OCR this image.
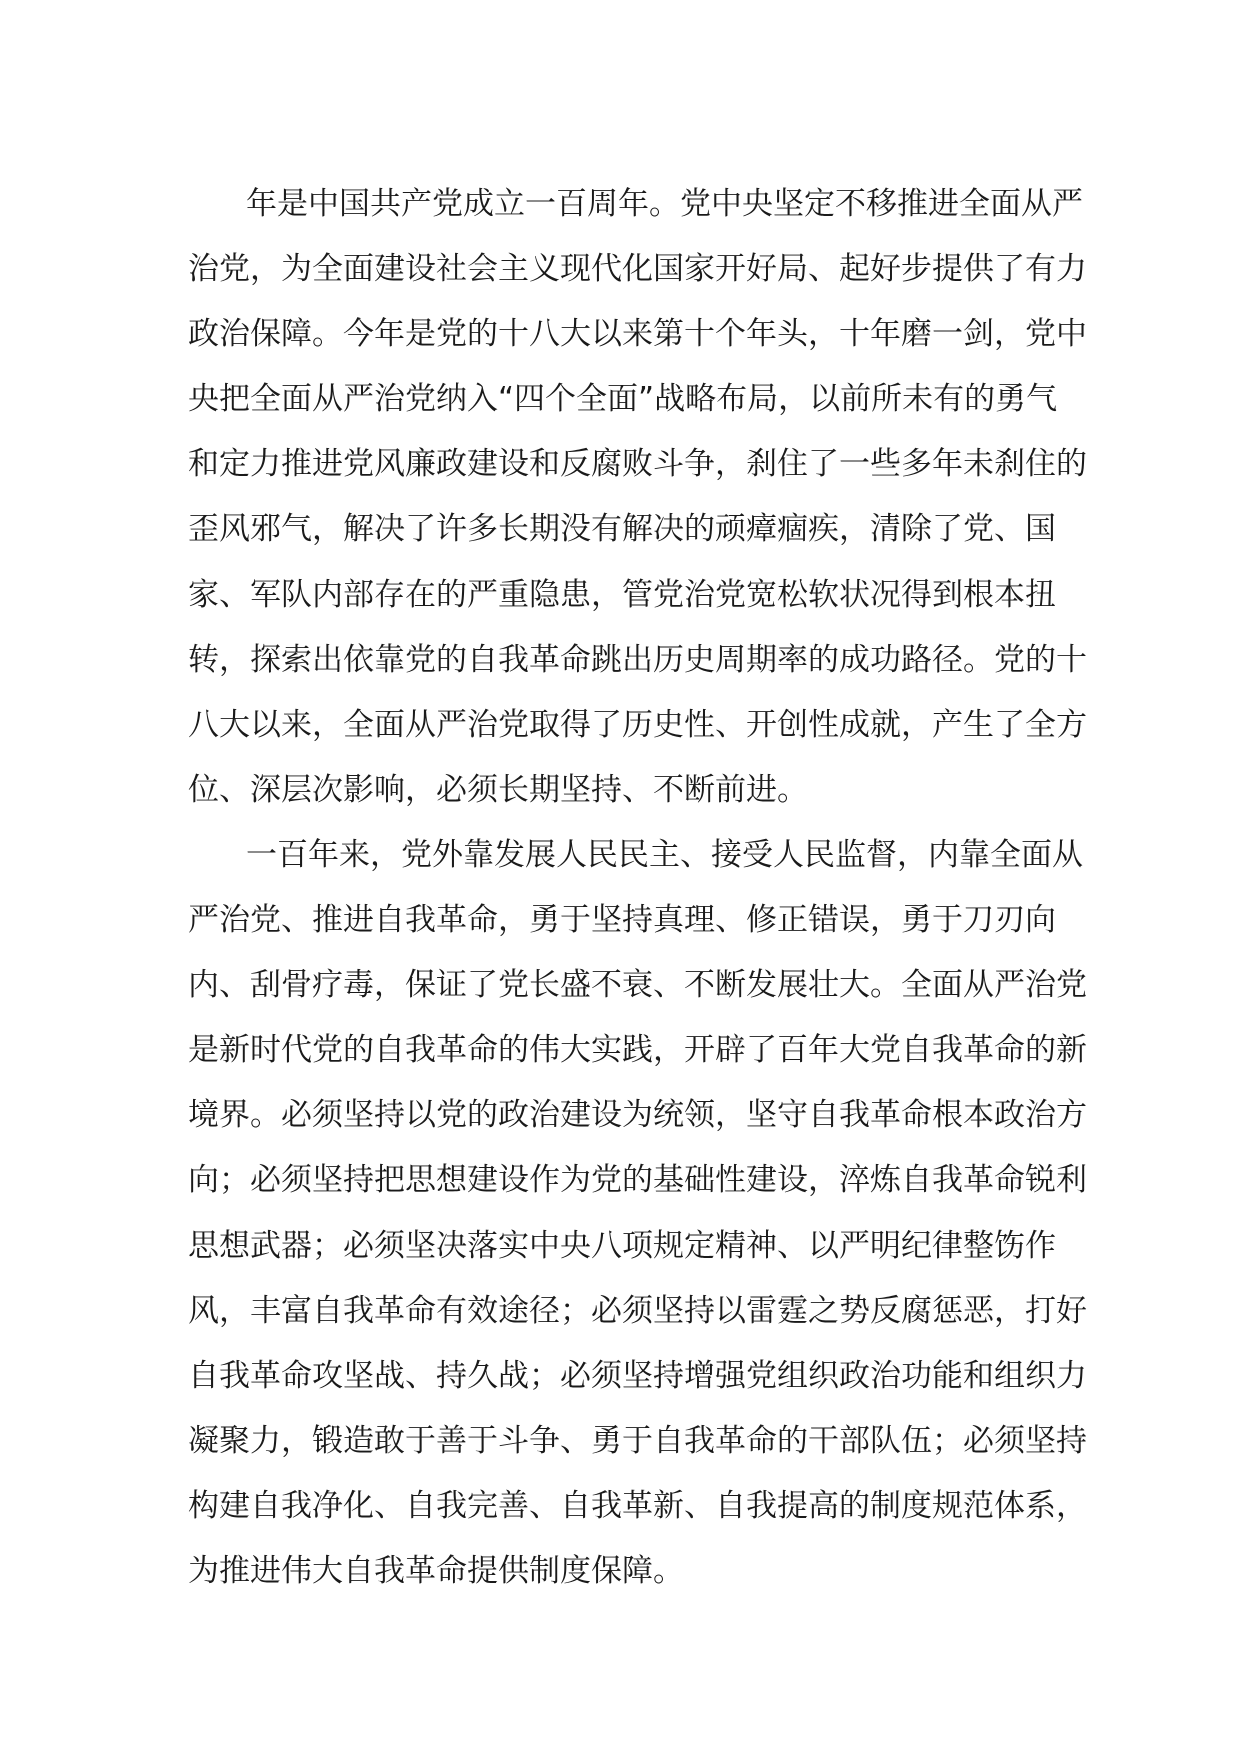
年是中国共产党成立一百周年。党中央坚定不移推进全面从严
治党，为全面建设社会主义现代化国家开好局、起好步提供了有力
政治保障。今年是党的十八大以来第十个年头，十年磨一剑，党中
央把全面从严治党纳入“四个全面”战略布局，以前所未有的勇气
和定力推进党风廉政建设和反腐败斗争，刹住了一些多年未刹住的
歪风邪气，解决了许多长期没有解决的顽瘴痼疾，清除了党、国
家、军队内部存在的严重隐患，管党治党宽松软状况得到根本扭
转，探索出依靠党的自我革命跳出历史周期率的成功路径。党的十
八大以来，全面从严治党取得了历史性、开创性成就，产生了全方
位、深层次影响，必须长期坚持、不断前进。
一百年来，党外靠发展人民民主、接受人民监督，内靠全面从
严治党、推进自我革命，勇于坚持真理、修正错误，勇于刀刃向
内、刮骨疗毒，保证了党长盛不衰、不断发展壮大。全面从严治党
是新时代党的自我革命的伟大实践，开辟了百年大党自我革命的新
境界。必须坚持以党的政治建设为统领，坚守自我革命根本政治方
向；必须坚持把思想建设作为党的基础性建设，淬炼自我革命锐利
思想武器；必须坚决落实中央八项规定精神、以严明纪律整饬作
风，丰富自我革命有效途径；必须坚持以雷霆之势反腐惩恶，打好
自我革命攻坚战、持久战；必须坚持增强党组织政治功能和组织力
凝聚力，锻造敢于善于斗争、勇于自我革命的干部队伍；必须坚持
构建自我净化、自我完善、自我革新、自我提高的制度规范体系，
为推进伟大自我革命提供制度保障。
